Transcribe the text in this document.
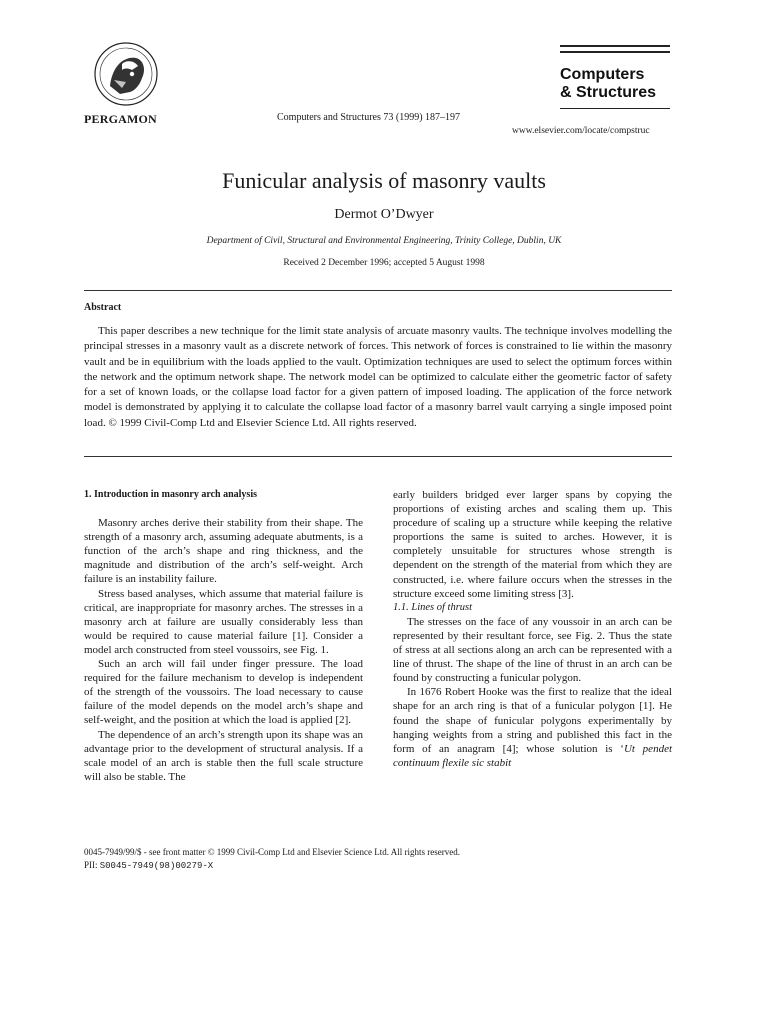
PERGAMON	Computers and Structures 73 (1999) 187–197
Computers
& Structures
www.elsevier.com/locate/compstruc
Funicular analysis of masonry vaults
Dermot O’Dwyer
Department of Civil, Structural and Environmental Engineering, Trinity College, Dublin, UK
Received 2 December 1996; accepted 5 August 1998
Abstract

This paper describes a new technique for the limit state analysis of arcuate masonry vaults. The technique involves modelling the principal stresses in a masonry vault as a discrete network of forces. This network of forces is constrained to lie within the masonry vault and be in equilibrium with the loads applied to the vault. Optimization techniques are used to select the optimum forces within the network and the optimum network shape. The network model can be optimized to calculate either the geometric factor of safety for a set of known loads, or the collapse load factor for a given pattern of imposed loading. The application of the force network model is demonstrated by applying it to calculate the collapse load factor of a masonry barrel vault carrying a single imposed point load. © 1999 Civil-Comp Ltd and Elsevier Science Ltd. All rights reserved.

1. Introduction in masonry arch analysis

Masonry arches derive their stability from their shape. The strength of a masonry arch, assuming adequate abutments, is a function of the arch’s shape and ring thickness, and the magnitude and distribution of the arch’s self-weight. Arch failure is an instability failure.

Stress based analyses, which assume that material failure is critical, are inappropriate for masonry arches. The stresses in a masonry arch at failure are usually considerably less than would be required to cause material failure [1]. Consider a model arch constructed from steel voussoirs, see Fig. 1.

Such an arch will fail under finger pressure. The load required for the failure mechanism to develop is independent of the strength of the voussoirs. The load necessary to cause failure of the model depends on the model arch’s shape and self-weight, and the position at which the load is applied [2].

The dependence of an arch’s strength upon its shape was an advantage prior to the development of structural analysis. If a scale model of an arch is stable then the full scale structure will also be stable. The

early builders bridged ever larger spans by copying the proportions of existing arches and scaling them up. This procedure of scaling up a structure while keeping the relative proportions the same is suited to arches. However, it is completely unsuitable for structures whose strength is dependent on the strength of the material from which they are constructed, i.e. where failure occurs when the stresses in the structure exceed some limiting stress [3].

1.1. Lines of thrust

The stresses on the face of any voussoir in an arch can be represented by their resultant force, see Fig. 2. Thus the state of stress at all sections along an arch can be represented with a line of thrust. The shape of the line of thrust in an arch can be found by constructing a funicular polygon.

In 1676 Robert Hooke was the first to realize that the ideal shape for an arch ring is that of a funicular polygon [1]. He found the shape of funicular polygons experimentally by hanging weights from a string and published this fact in the form of an anagram [4]; whose solution is ‘Ut pendet continuum flexile sic stabit

0045-7949/99/$ - see front matter © 1999 Civil-Comp Ltd and Elsevier Science Ltd. All rights reserved.
PII: S0045-7949(98)00279-X
